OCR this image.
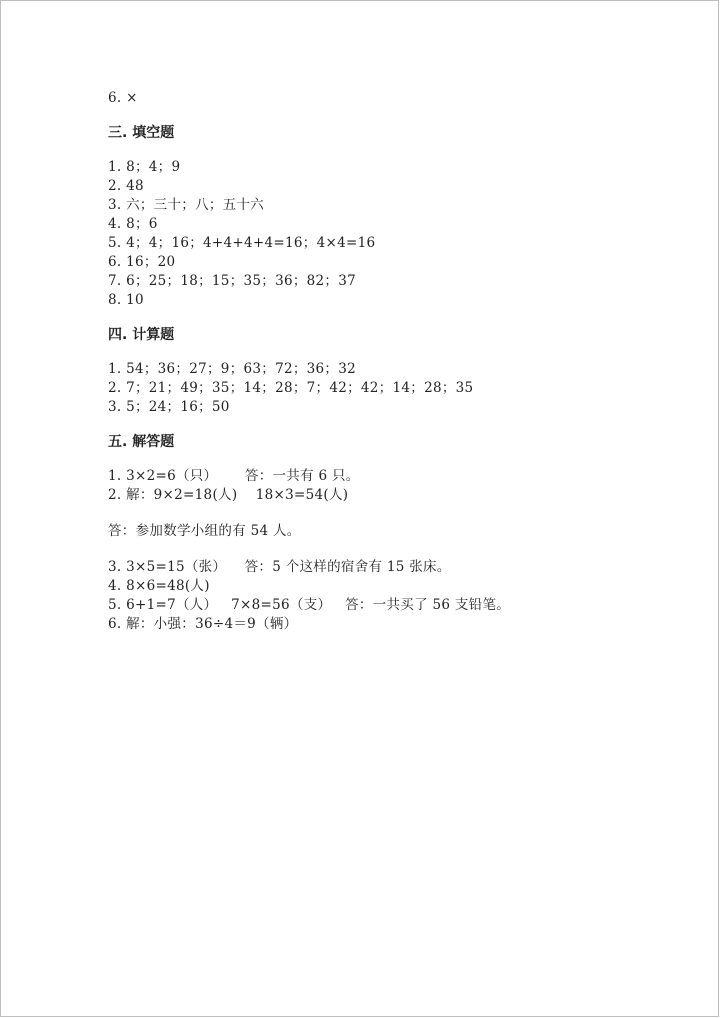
6. ×
三. 填空题
1. 8；4；9
2. 48
3. 六；三十；八；五十六
4. 8；6
5. 4；4；16；4+4+4+4=16；4×4=16
6. 16；20
7. 6；25；18；15；35；36；82；37
8. 10
四. 计算题
1. 54；36；27；9；63；72；36；32
2. 7；21；49；35；14；28；7；42；42；14；28；35
3. 5；24；16；50
五. 解答题
1. 3×2=6（只）      答：一共有 6 只。
2. 解：9×2=18(人)    18×3=54(人)
答：参加数学小组的有 54 人。
3. 3×5=15（张）    答：5 个这样的宿舍有 15 张床。
4. 8×6=48(人)
5. 6+1=7（人）   7×8=56（支）   答：一共买了 56 支铅笔。
6. 解：小强：36÷4＝9（辆）
